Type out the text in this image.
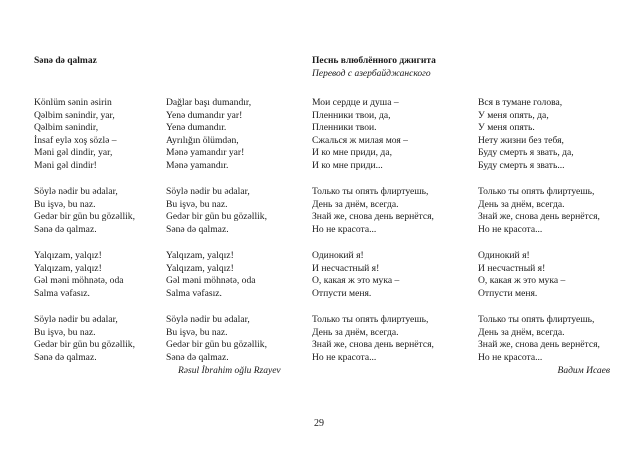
Sənə də qalmaz	Песнь влюблённого джигита
Перевод с азербайджанского
Könlüm sənin əsirin
Qəlbim sənindir, yar,
Qəlbim sənindir,
İnsaf eylə xoş sözlə –
Məni gəl dindir, yar,
Məni gəl dindir!
Söylə nədir bu ədalar,
Bu işvə, bu naz.
Gedər bir gün bu gözəllik,
Sənə də qalmaz.
Yalqızam, yalqız!
Yalqızam, yalqız!
Gəl məni möhnətə, oda
Salma vəfasız.
Söylə nədir bu ədalar,
Bu işvə, bu naz.
Gedər bir gün bu gözəllik,
Sənə də qalmaz.
Dağlar başı dumandır,
Yenə dumandır yar!
Yenə dumandır.
Ayrılığın ölümdən,
Mənə yamandır yar!
Mənə yamandır.
Söylə nədir bu ədalar,
Bu işvə, bu naz.
Gedər bir gün bu gözəllik,
Sənə də qalmaz.
Yalqızam, yalqız!
Yalqızam, yalqız!
Gəl məni möhnətə, oda
Salma vəfasız.
Söylə nədir bu ədalar,
Bu işvə, bu naz.
Gedər bir gün bu gözəllik,
Sənə də qalmaz.
Мои сердце и душа –
Пленники твои, да,
Пленники твои.
Сжалься ж милая моя –
И ко мне приди, да,
И ко мне приди...
Только ты опять флиртуешь,
День за днём, всегда.
Знай же, снова день вернётся,
Но не красота...
Одинокий я!
И несчастный я!
О, какая ж это мука –
Отпусти меня.
Только ты опять флиртуешь,
День за днём, всегда.
Знай же, снова день вернётся,
Но не красота...
Вся в тумане голова,
У меня опять, да,
У меня опять.
Нету жизни без тебя,
Буду смерть я звать, да,
Буду смерть я звать...
Только ты опять флиртуешь,
День за днём, всегда.
Знай же, снова день вернётся,
Но не красота...
Одинокий я!
И несчастный я!
О, какая ж это мука –
Отпусти меня.
Только ты опять флиртуешь,
День за днём, всегда.
Знай же, снова день вернётся,
Но не красота...
Rəsul İbrahim oğlu Rzayev	Вадим Исаев
29
